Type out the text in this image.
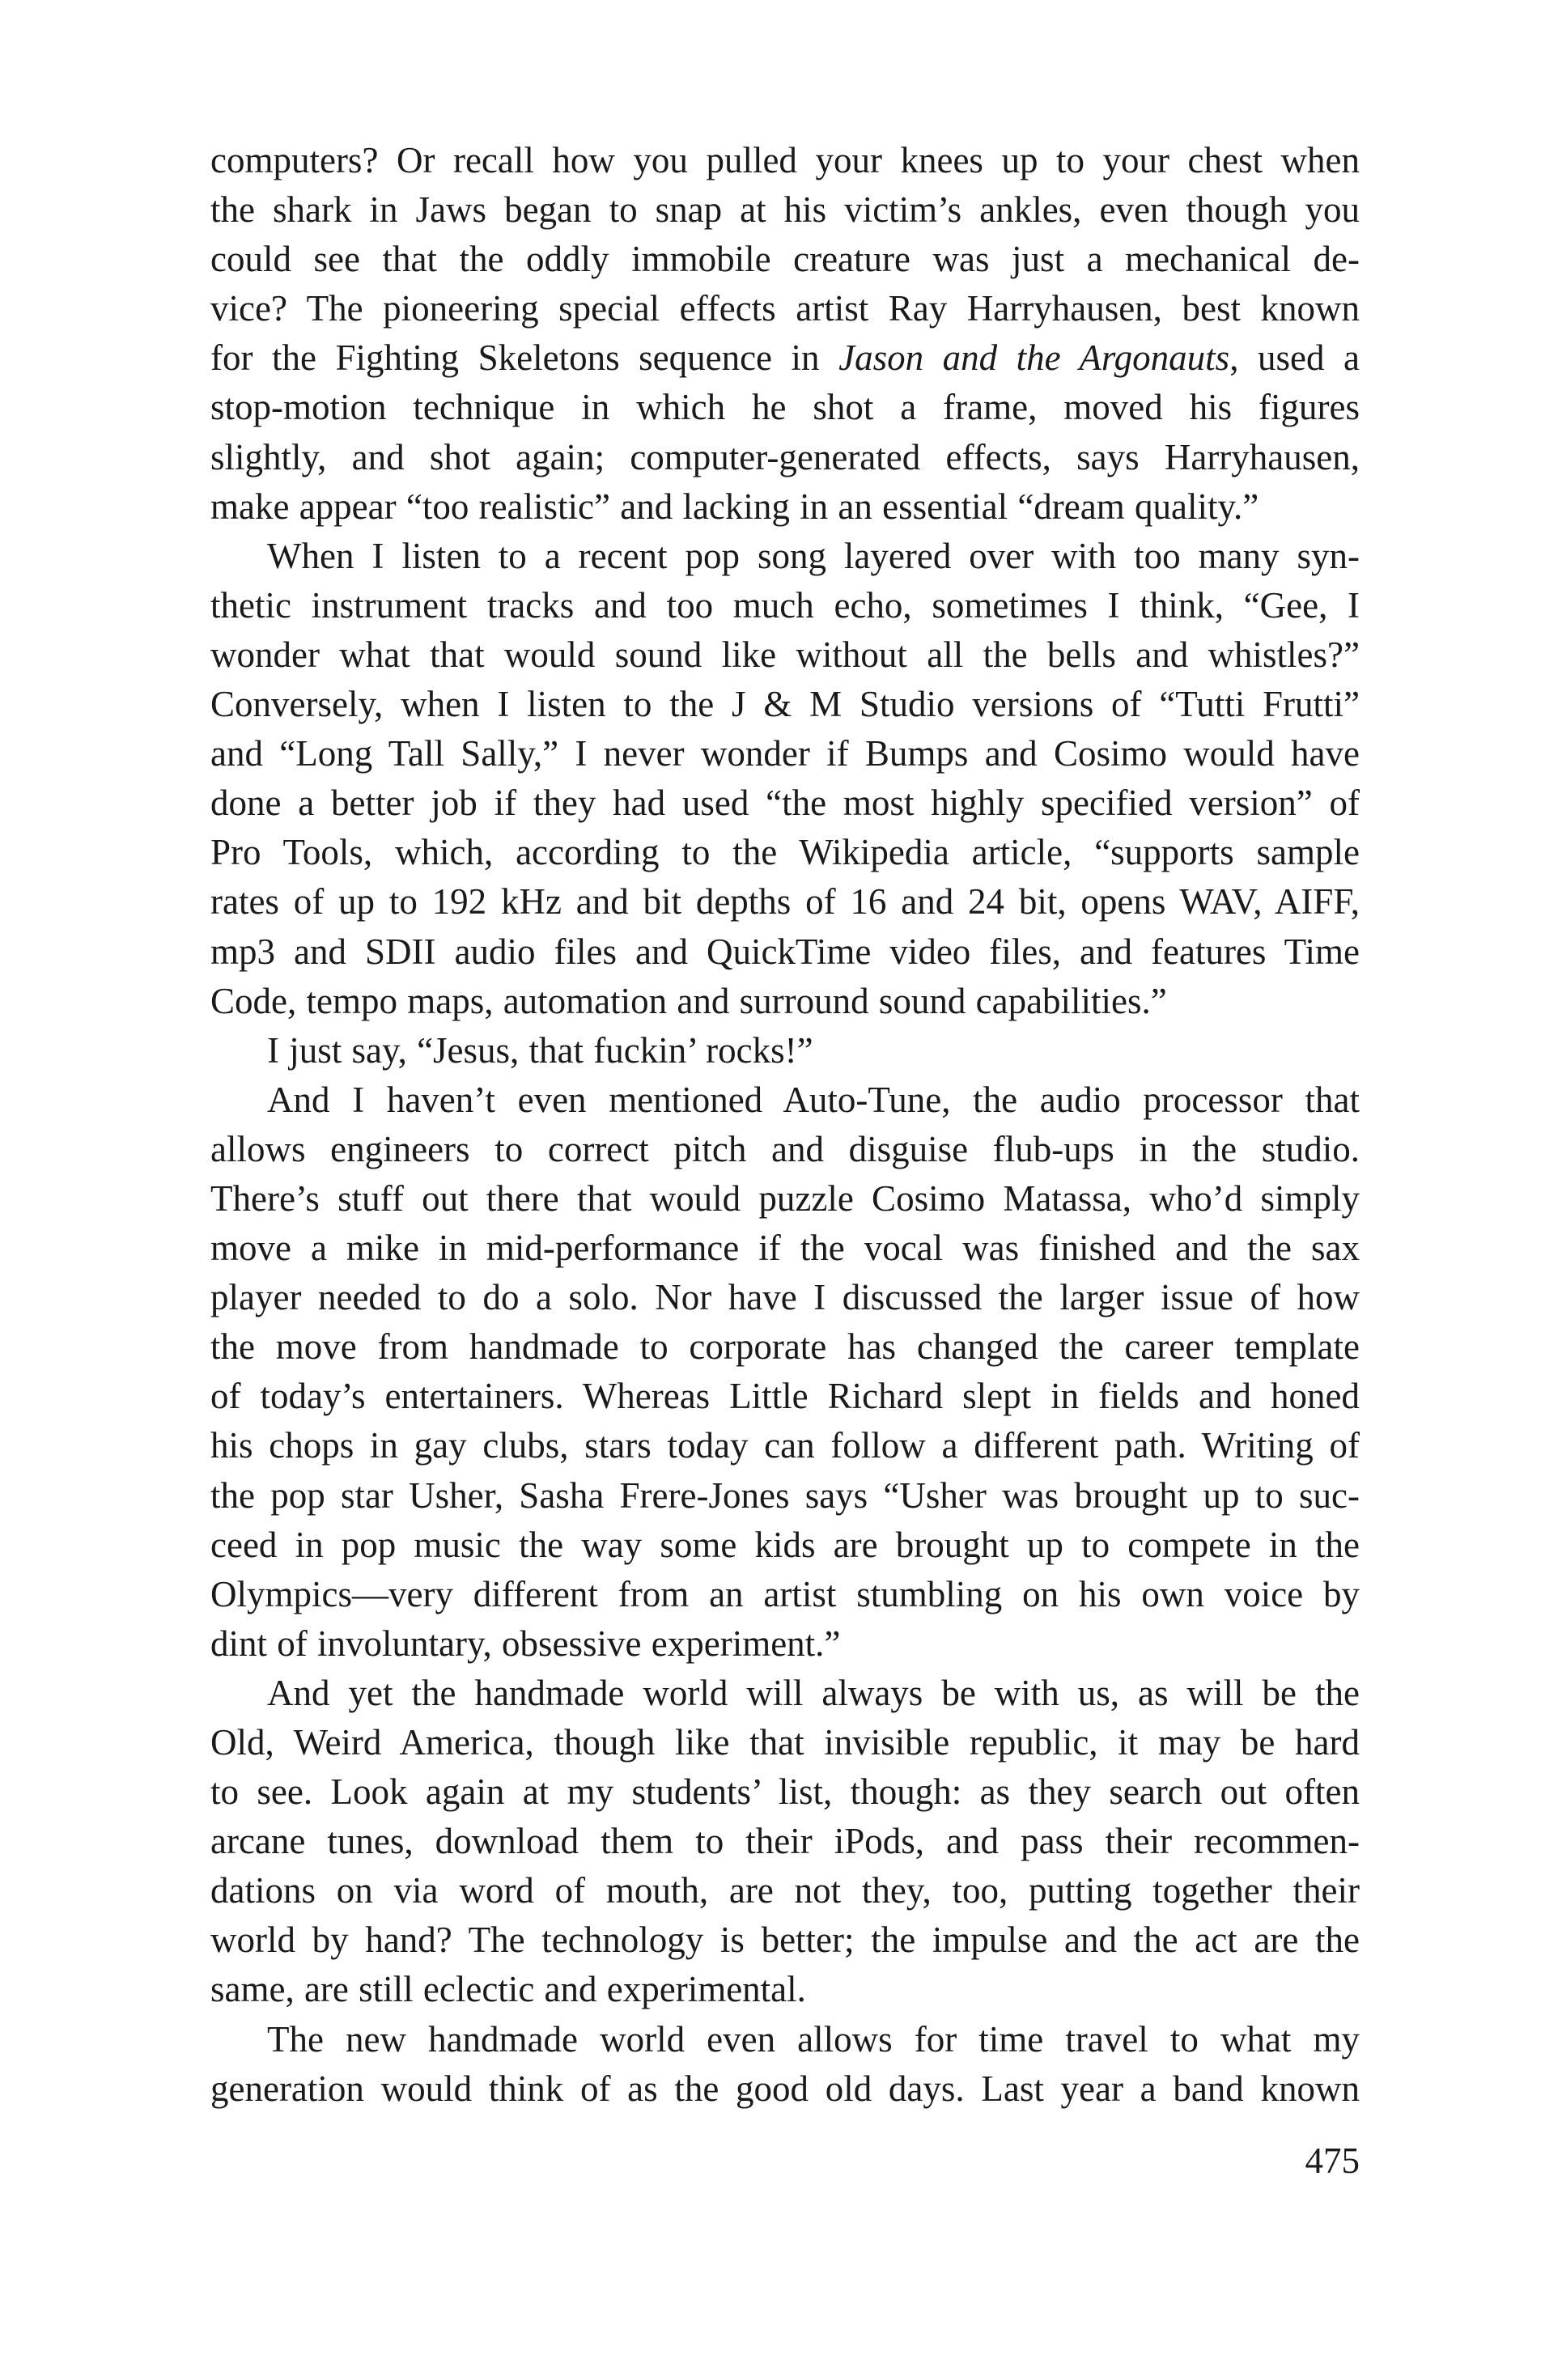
computers? Or recall how you pulled your knees up to your chest when
the shark in Jaws began to snap at his victim’s ankles, even though you
could see that the oddly immobile creature was just a mechanical de-
vice? The pioneering special effects artist Ray Harryhausen, best known
for the Fighting Skeletons sequence in Jason and the Argonauts, used a
stop-motion technique in which he shot a frame, moved his figures
slightly, and shot again; computer-generated effects, says Harryhausen,
make appear “too realistic” and lacking in an essential “dream quality.”
When I listen to a recent pop song layered over with too many syn-
thetic instrument tracks and too much echo, sometimes I think, “Gee, I
wonder what that would sound like without all the bells and whistles?”
Conversely, when I listen to the J & M Studio versions of “Tutti Frutti”
and “Long Tall Sally,” I never wonder if Bumps and Cosimo would have
done a better job if they had used “the most highly specified version” of
Pro Tools, which, according to the Wikipedia article, “supports sample
rates of up to 192 kHz and bit depths of 16 and 24 bit, opens WAV, AIFF,
mp3 and SDII audio files and QuickTime video files, and features Time
Code, tempo maps, automation and surround sound capabilities.”
I just say, “Jesus, that fuckin’ rocks!”
And I haven’t even mentioned Auto-Tune, the audio processor that
allows engineers to correct pitch and disguise flub-ups in the studio.
There’s stuff out there that would puzzle Cosimo Matassa, who’d simply
move a mike in mid-performance if the vocal was finished and the sax
player needed to do a solo. Nor have I discussed the larger issue of how
the move from handmade to corporate has changed the career template
of today’s entertainers. Whereas Little Richard slept in fields and honed
his chops in gay clubs, stars today can follow a different path. Writing of
the pop star Usher, Sasha Frere-Jones says “Usher was brought up to suc-
ceed in pop music the way some kids are brought up to compete in the
Olympics—very different from an artist stumbling on his own voice by
dint of involuntary, obsessive experiment.”
And yet the handmade world will always be with us, as will be the
Old, Weird America, though like that invisible republic, it may be hard
to see. Look again at my students’ list, though: as they search out often
arcane tunes, download them to their iPods, and pass their recommen-
dations on via word of mouth, are not they, too, putting together their
world by hand? The technology is better; the impulse and the act are the
same, are still eclectic and experimental.
The new handmade world even allows for time travel to what my
generation would think of as the good old days. Last year a band known
475
